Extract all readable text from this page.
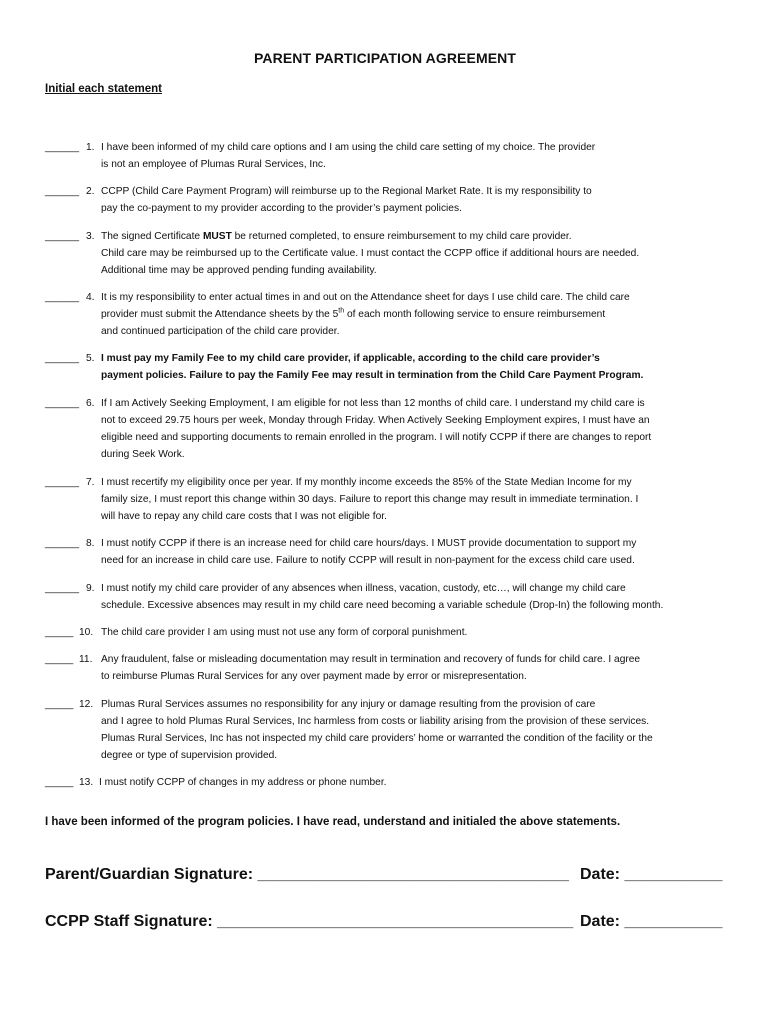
PARENT PARTICIPATION AGREEMENT
Initial each statement
______ 1. I have been informed of my child care options and I am using the child care setting of my choice. The provider
is not an employee of Plumas Rural Services, Inc.
______ 2. CCPP (Child Care Payment Program) will reimburse up to the Regional Market Rate. It is my responsibility to
pay the co-payment to my provider according to the provider’s payment policies.
______ 3. The signed Certificate MUST be returned completed, to ensure reimbursement to my child care provider.
Child care may be reimbursed up to the Certificate value. I must contact the CCPP office if additional hours are needed.
Additional time may be approved pending funding availability.
______ 4. It is my responsibility to enter actual times in and out on the Attendance sheet for days I use child care. The child care
provider must submit the Attendance sheets by the 5th of each month following service to ensure reimbursement
and continued participation of the child care provider.
______ 5. I must pay my Family Fee to my child care provider, if applicable, according to the child care provider’s
payment policies. Failure to pay the Family Fee may result in termination from the Child Care Payment Program.
______ 6. If I am Actively Seeking Employment, I am eligible for not less than 12 months of child care. I understand my child care is
not to exceed 29.75 hours per week, Monday through Friday. When Actively Seeking Employment expires, I must have an
eligible need and supporting documents to remain enrolled in the program. I will notify CCPP if there are changes to report
during Seek Work.
______ 7. I must recertify my eligibility once per year. If my monthly income exceeds the 85% of the State Median Income for my
family size, I must report this change within 30 days. Failure to report this change may result in immediate termination. I
will have to repay any child care costs that I was not eligible for.
______ 8. I must notify CCPP if there is an increase need for child care hours/days. I MUST provide documentation to support my
need for an increase in child care use. Failure to notify CCPP will result in non-payment for the excess child care used.
______ 9. I must notify my child care provider of any absences when illness, vacation, custody, etc…, will change my child care
schedule. Excessive absences may result in my child care need becoming a variable schedule (Drop-In) the following month.
_____ 10. The child care provider I am using must not use any form of corporal punishment.
_____ 11. Any fraudulent, false or misleading documentation may result in termination and recovery of funds for child care. I agree
to reimburse Plumas Rural Services for any over payment made by error or misrepresentation.
_____ 12. Plumas Rural Services assumes no responsibility for any injury or damage resulting from the provision of care
and I agree to hold Plumas Rural Services, Inc harmless from costs or liability arising from the provision of these services.
Plumas Rural Services, Inc has not inspected my child care providers’ home or warranted the condition of the facility or the
degree or type of supervision provided.
_____ 13. I must notify CCPP of changes in my address or phone number.
I have been informed of the program policies. I have read, understand and initialed the above statements.
Parent/Guardian Signature: ___________________________________ Date: ___________
CCPP Staff Signature: ________________________________________ Date: ___________
